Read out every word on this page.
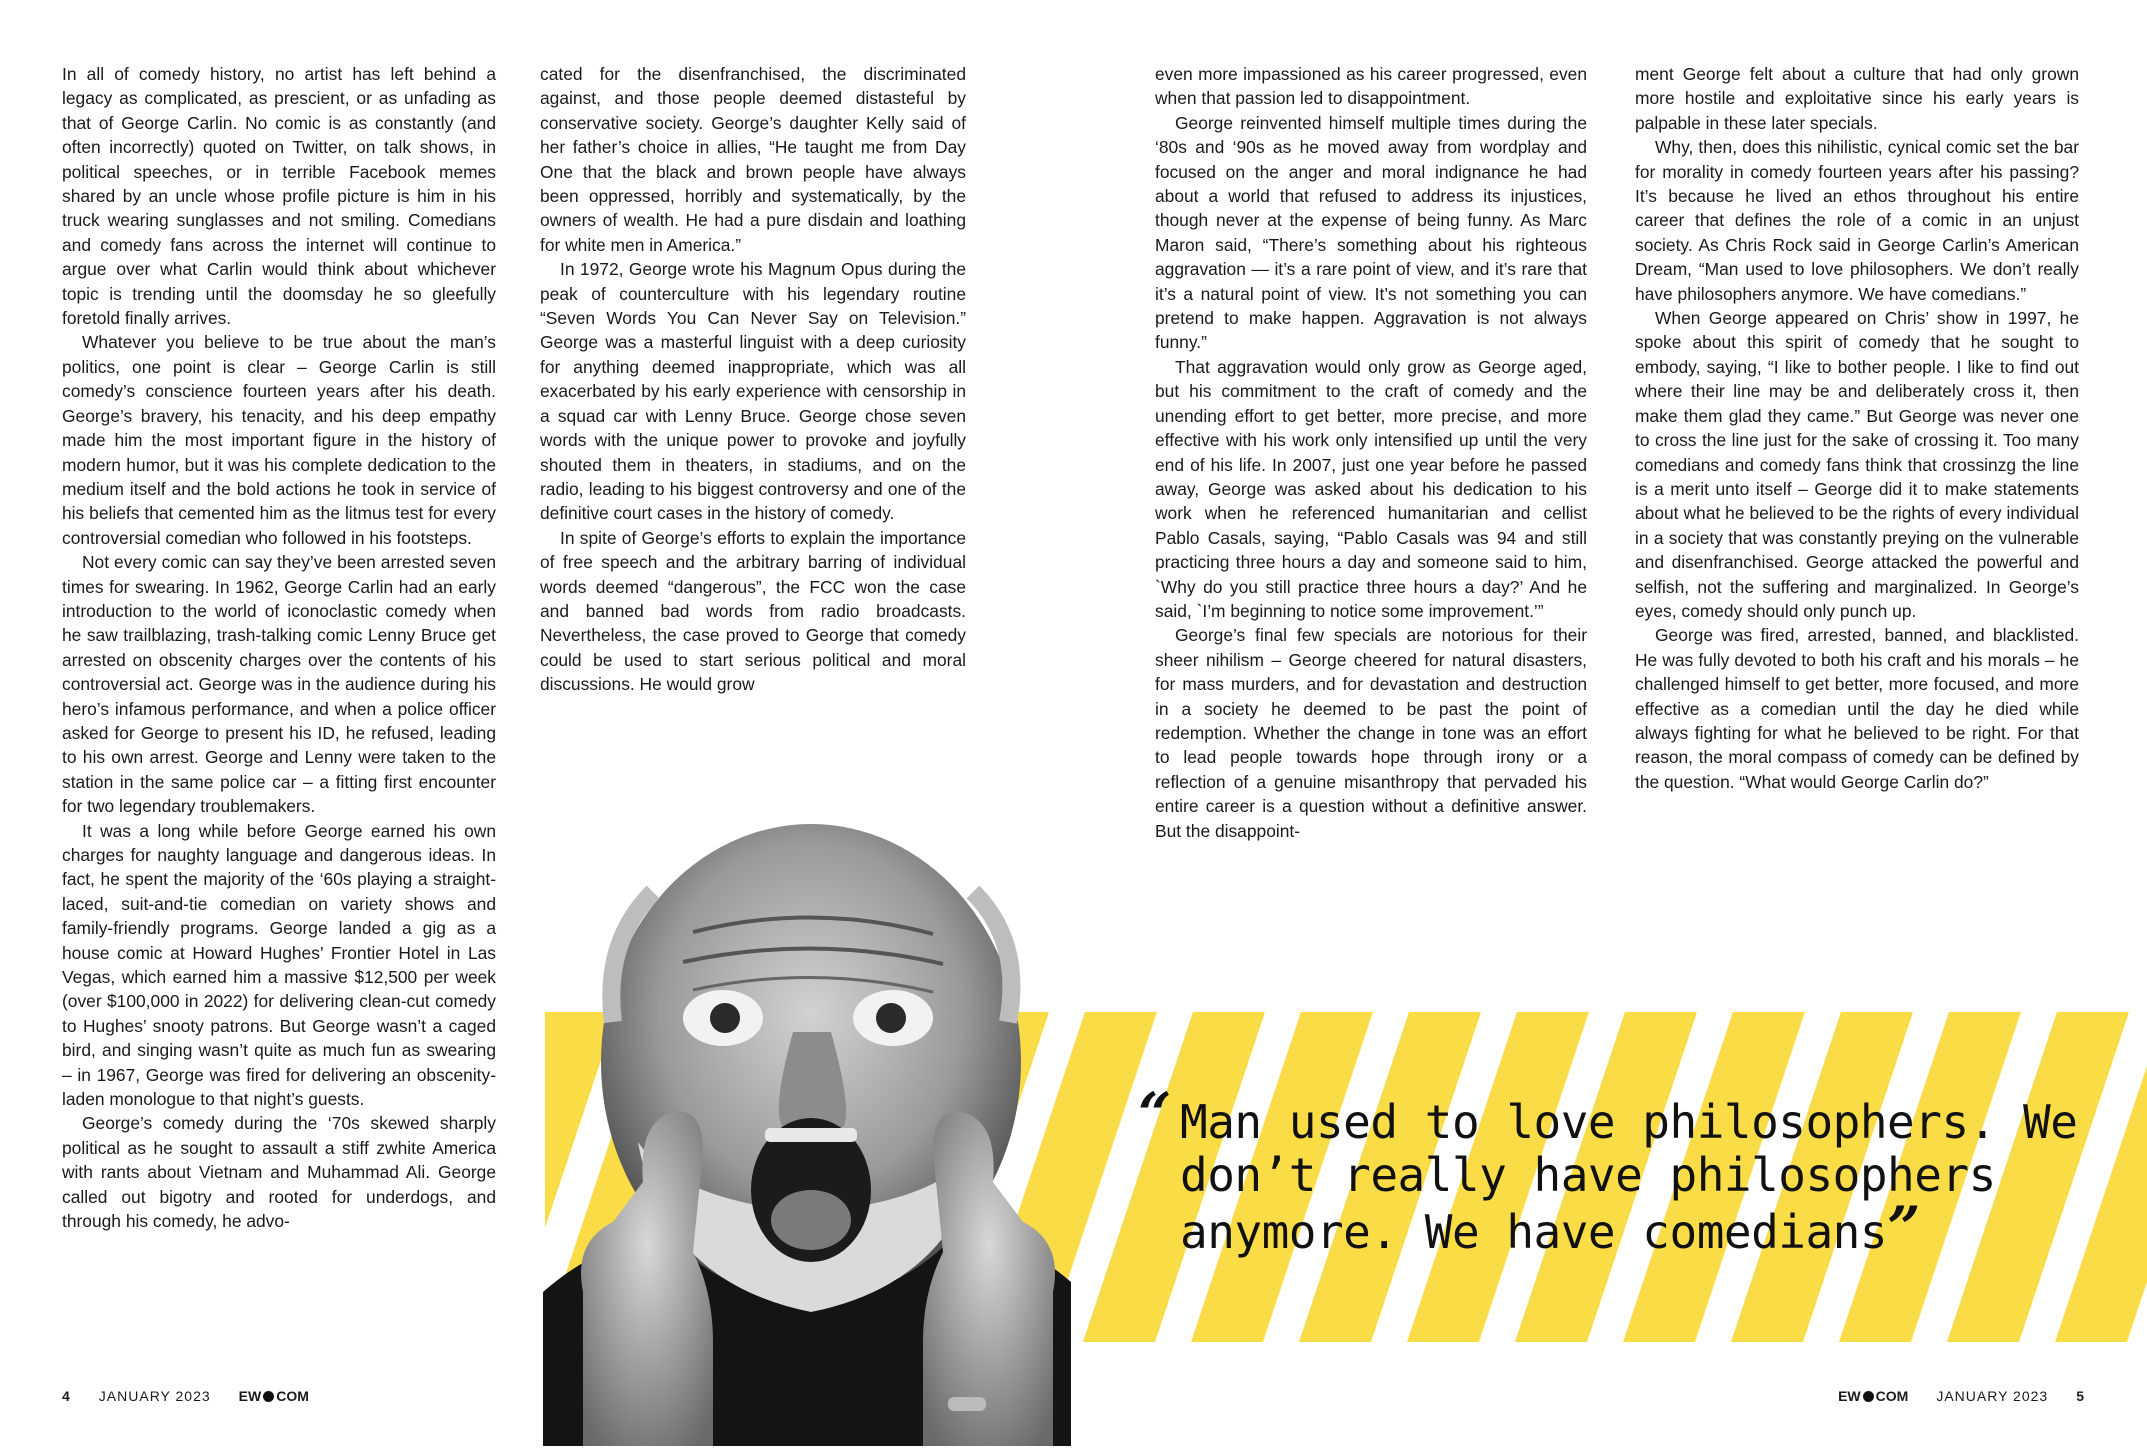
In all of comedy history, no artist has left behind a legacy as complicated, as prescient, or as unfading as that of George Carlin. No comic is as constantly (and often incorrectly) quoted on Twitter, on talk shows, in political speeches, or in terrible Facebook memes shared by an uncle whose profile picture is him in his truck wearing sunglasses and not smiling. Comedians and comedy fans across the internet will continue to argue over what Carlin would think about whichever topic is trending until the doomsday he so gleefully foretold finally arrives.

Whatever you believe to be true about the man’s politics, one point is clear – George Carlin is still comedy’s conscience fourteen years after his death. George’s bravery, his tenacity, and his deep empathy made him the most important figure in the history of modern humor, but it was his complete dedication to the medium itself and the bold actions he took in service of his beliefs that cemented him as the litmus test for every controversial comedian who followed in his footsteps.

Not every comic can say they’ve been arrested seven times for swearing. In 1962, George Carlin had an early introduction to the world of iconoclastic comedy when he saw trailblazing, trash-talking comic Lenny Bruce get arrested on obscenity charges over the contents of his controversial act. George was in the audience during his hero’s infamous performance, and when a police officer asked for George to present his ID, he refused, leading to his own arrest. George and Lenny were taken to the station in the same police car – a fitting first encounter for two legendary troublemakers.

It was a long while before George earned his own charges for naughty language and dangerous ideas. In fact, he spent the majority of the ‘60s playing a straight-laced, suit-and-tie comedian on variety shows and family-friendly programs. George landed a gig as a house comic at Howard Hughes’ Frontier Hotel in Las Vegas, which earned him a massive $12,500 per week (over $100,000 in 2022) for delivering clean-cut comedy to Hughes’ snooty patrons. But George wasn’t a caged bird, and singing wasn’t quite as much fun as swearing – in 1967, George was fired for delivering an obscenity-laden monologue to that night’s guests.

George’s comedy during the ‘70s skewed sharply political as he sought to assault a stiff zwhite America with rants about Vietnam and Muhammad Ali. George called out bigotry and rooted for underdogs, and through his comedy, he advo-

cated for the disenfranchised, the discriminated against, and those people deemed distasteful by conservative society. George’s daughter Kelly said of her father’s choice in allies, “He taught me from Day One that the black and brown people have always been oppressed, horribly and systematically, by the owners of wealth. He had a pure disdain and loathing for white men in America.”

In 1972, George wrote his Magnum Opus during the peak of counterculture with his legendary routine “Seven Words You Can Never Say on Television.” George was a masterful linguist with a deep curiosity for anything deemed inappropriate, which was all exacerbated by his early experience with censorship in a squad car with Lenny Bruce. George chose seven words with the unique power to provoke and joyfully shouted them in theaters, in stadiums, and on the radio, leading to his biggest controversy and one of the definitive court cases in the history of comedy.

In spite of George’s efforts to explain the importance of free speech and the arbitrary barring of individual words deemed “dangerous”, the FCC won the case and banned bad words from radio broadcasts. Nevertheless, the case proved to George that comedy could be used to start serious political and moral discussions. He would grow

even more impassioned as his career progressed, even when that passion led to disappointment.

George reinvented himself multiple times during the ‘80s and ‘90s as he moved away from wordplay and focused on the anger and moral indignance he had about a world that refused to address its injustices, though never at the expense of being funny. As Marc Maron said, “There’s something about his righteous aggravation — it’s a rare point of view, and it’s rare that it’s a natural point of view. It’s not something you can pretend to make happen. Aggravation is not always funny.”

That aggravation would only grow as George aged, but his commitment to the craft of comedy and the unending effort to get better, more precise, and more effective with his work only intensified up until the very end of his life. In 2007, just one year before he passed away, George was asked about his dedication to his work when he referenced humanitarian and cellist Pablo Casals, saying, “Pablo Casals was 94 and still practicing three hours a day and someone said to him, `Why do you still practice three hours a day?’ And he said, `I’m beginning to notice some improvement.’”

George’s final few specials are notorious for their sheer nihilism – George cheered for natural disasters, for mass murders, and for devastation and destruction in a society he deemed to be past the point of redemption. Whether the change in tone was an effort to lead people towards hope through irony or a reflection of a genuine misanthropy that pervaded his entire career is a question without a definitive answer. But the disappoint-

ment George felt about a culture that had only grown more hostile and exploitative since his early years is palpable in these later specials.

Why, then, does this nihilistic, cynical comic set the bar for morality in comedy fourteen years after his passing? It’s because he lived an ethos throughout his entire career that defines the role of a comic in an unjust society. As Chris Rock said in George Carlin’s American Dream, “Man used to love philosophers. We don’t really have philosophers anymore. We have comedians.”

When George appeared on Chris’ show in 1997, he spoke about this spirit of comedy that he sought to embody, saying, “I like to bother people. I like to find out where their line may be and deliberately cross it, then make them glad they came.” But George was never one to cross the line just for the sake of crossing it. Too many comedians and comedy fans think that crossinzg the line is a merit unto itself – George did it to make statements about what he believed to be the rights of every individual in a society that was constantly preying on the vulnerable and disenfranchised. George attacked the powerful and selfish, not the suffering and marginalized. In George’s eyes, comedy should only punch up.

George was fired, arrested, banned, and blacklisted. He was fully devoted to both his craft and his morals – he challenged himself to get better, more focused, and more effective as a comedian until the day he died while always fighting for what he believed to be right. For that reason, the moral compass of comedy can be defined by the question. “What would George Carlin do?”

“ Man used to love philosophers. We don’t really have philosophers anymore. We have comedians”
4 JANUARY 2023 EW COM	EW COM JANUARY 2023 5
